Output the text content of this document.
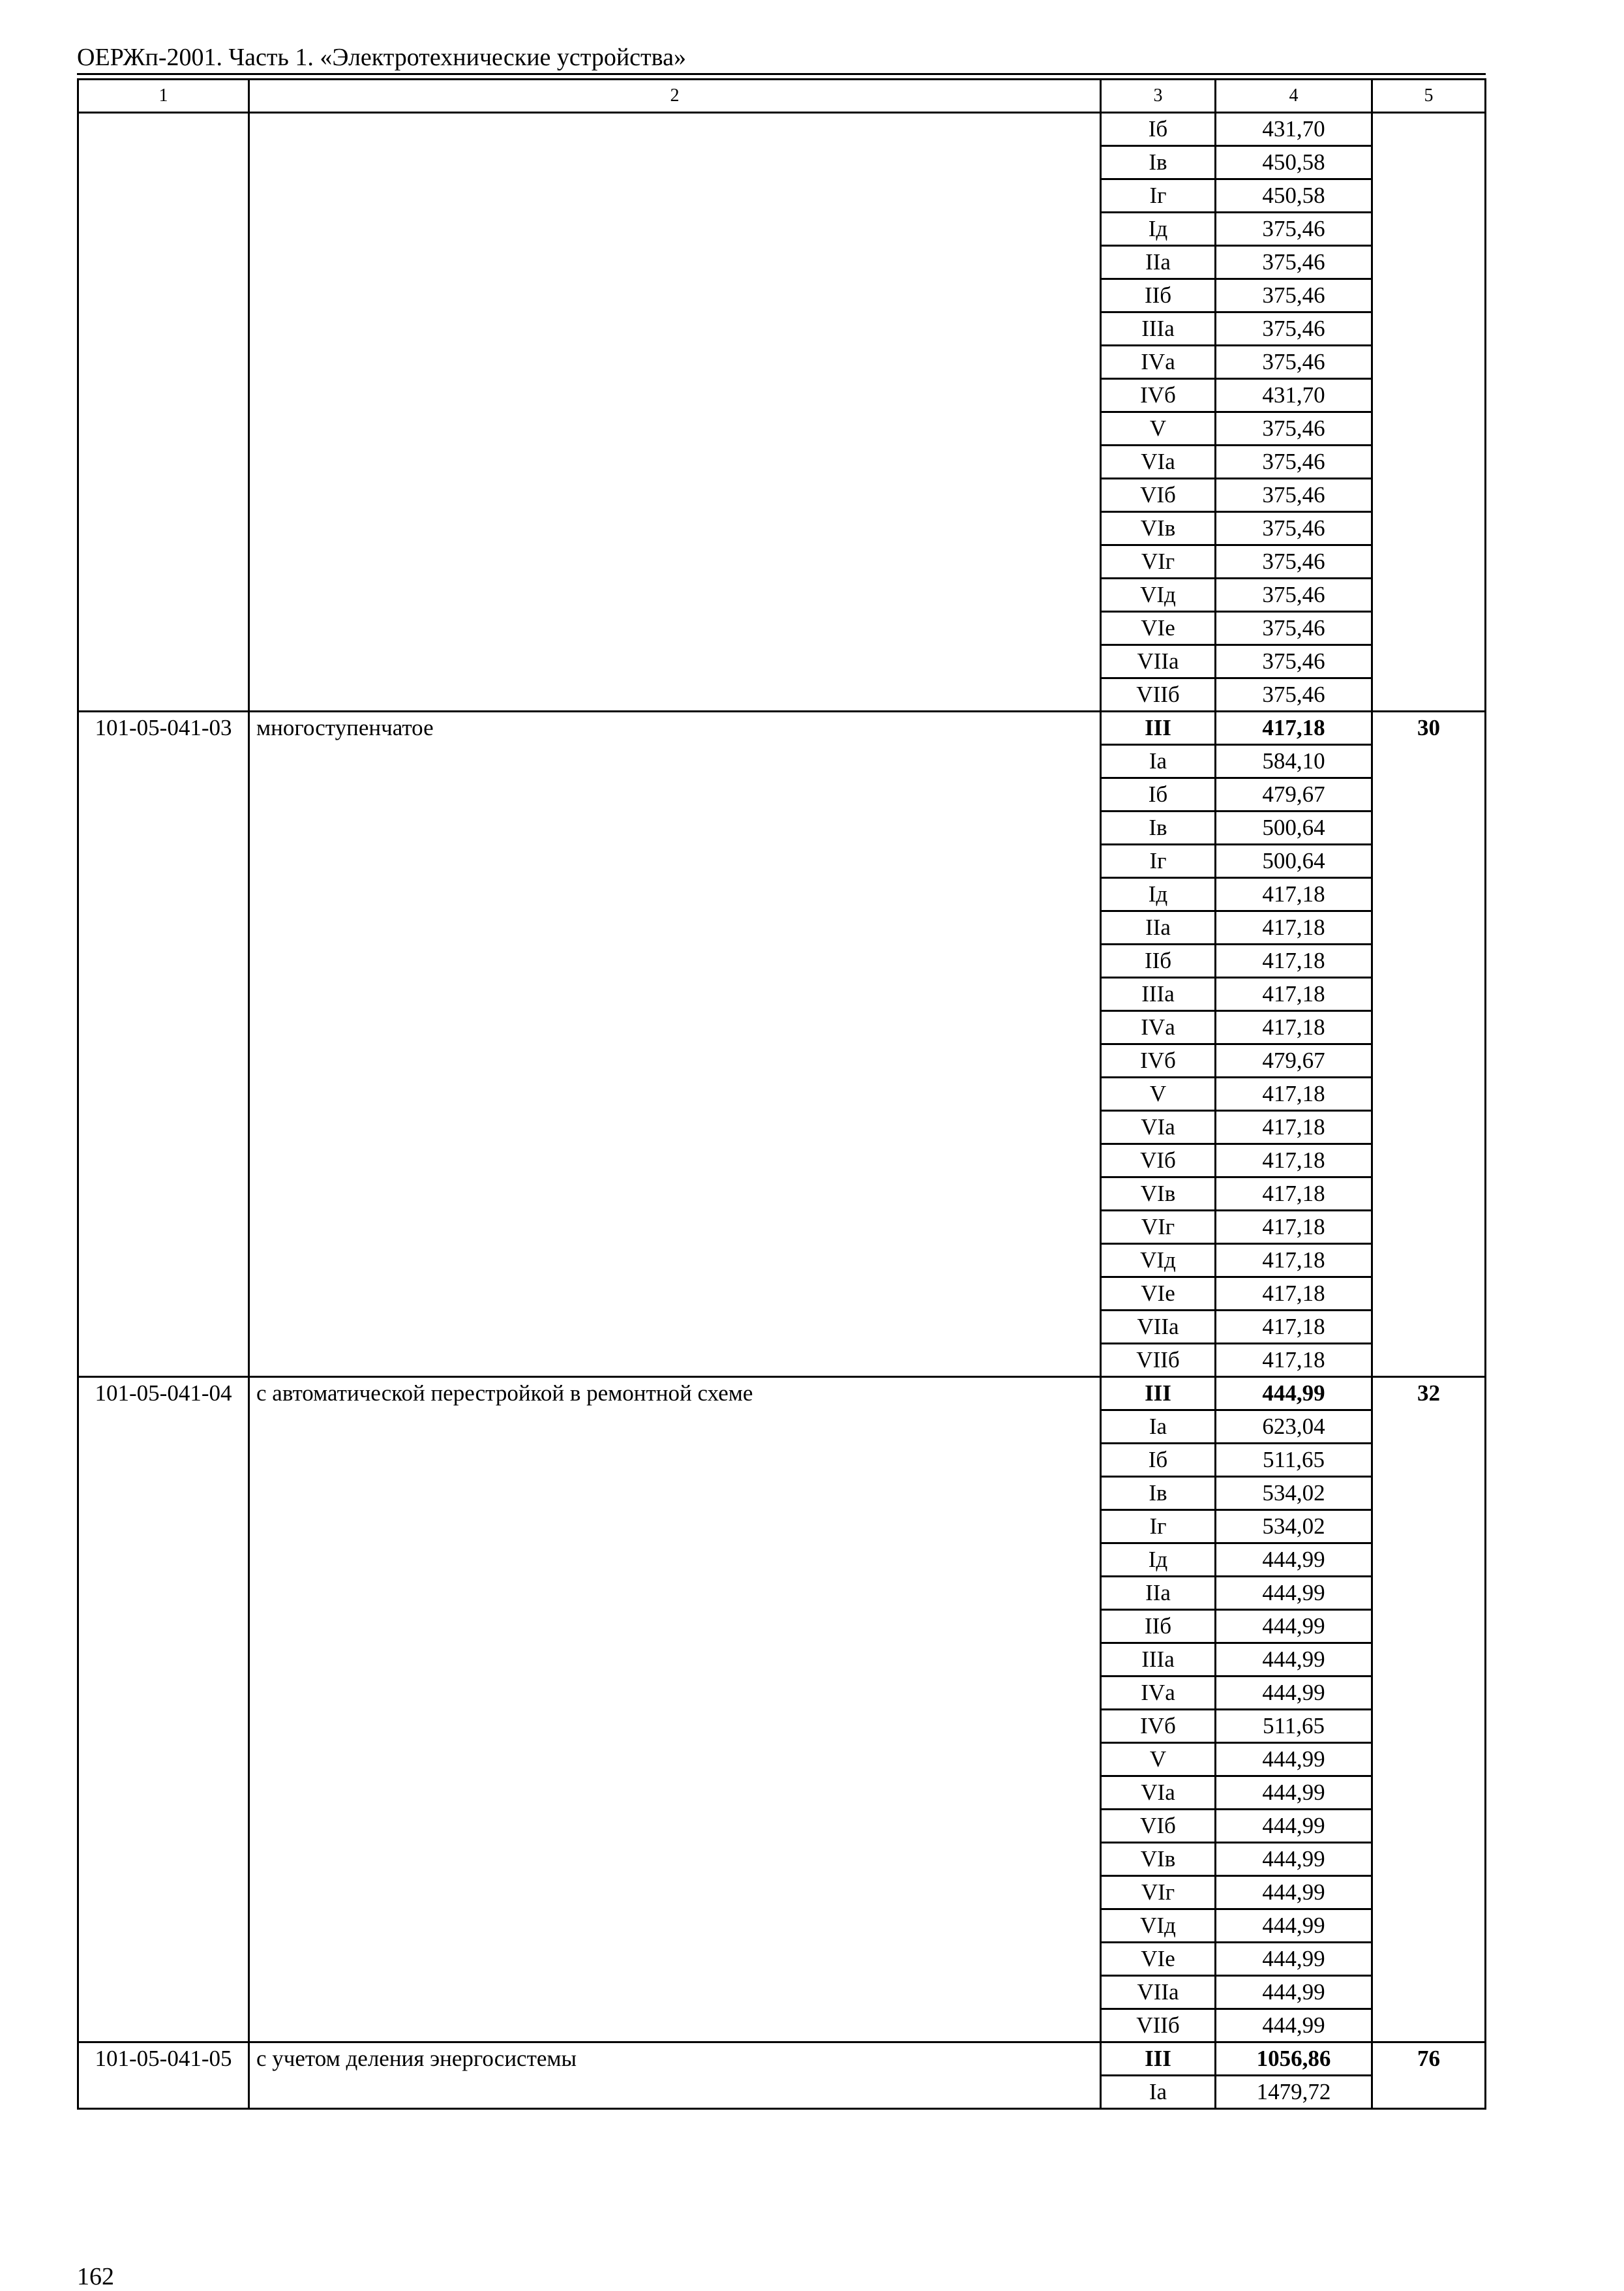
ОЕРЖп-2001. Часть 1. «Электротехнические устройства»
1	2	3	4	5
		Iб	431,70	
		Iв	450,58	
		Iг	450,58	
		Iд	375,46	
		IIа	375,46	
		IIб	375,46	
		IIIа	375,46	
		IVа	375,46	
		IVб	431,70	
		V	375,46	
		VIа	375,46	
		VIб	375,46	
		VIв	375,46	
		VIг	375,46	
		VIд	375,46	
		VIе	375,46	
		VIIа	375,46	
		VIIб	375,46	
101-05-041-03	многоступенчатое	III	417,18	30
		Iа	584,10	
		Iб	479,67	
		Iв	500,64	
		Iг	500,64	
		Iд	417,18	
		IIа	417,18	
		IIб	417,18	
		IIIа	417,18	
		IVа	417,18	
		IVб	479,67	
		V	417,18	
		VIа	417,18	
		VIб	417,18	
		VIв	417,18	
		VIг	417,18	
		VIд	417,18	
		VIе	417,18	
		VIIа	417,18	
		VIIб	417,18	
101-05-041-04	с автоматической перестройкой в ремонтной схеме	III	444,99	32
		Iа	623,04	
		Iб	511,65	
		Iв	534,02	
		Iг	534,02	
		Iд	444,99	
		IIа	444,99	
		IIб	444,99	
		IIIа	444,99	
		IVа	444,99	
		IVб	511,65	
		V	444,99	
		VIа	444,99	
		VIб	444,99	
		VIв	444,99	
		VIг	444,99	
		VIд	444,99	
		VIе	444,99	
		VIIа	444,99	
		VIIб	444,99	
101-05-041-05	с учетом деления энергосистемы	III	1056,86	76
		Iа	1479,72	
162
